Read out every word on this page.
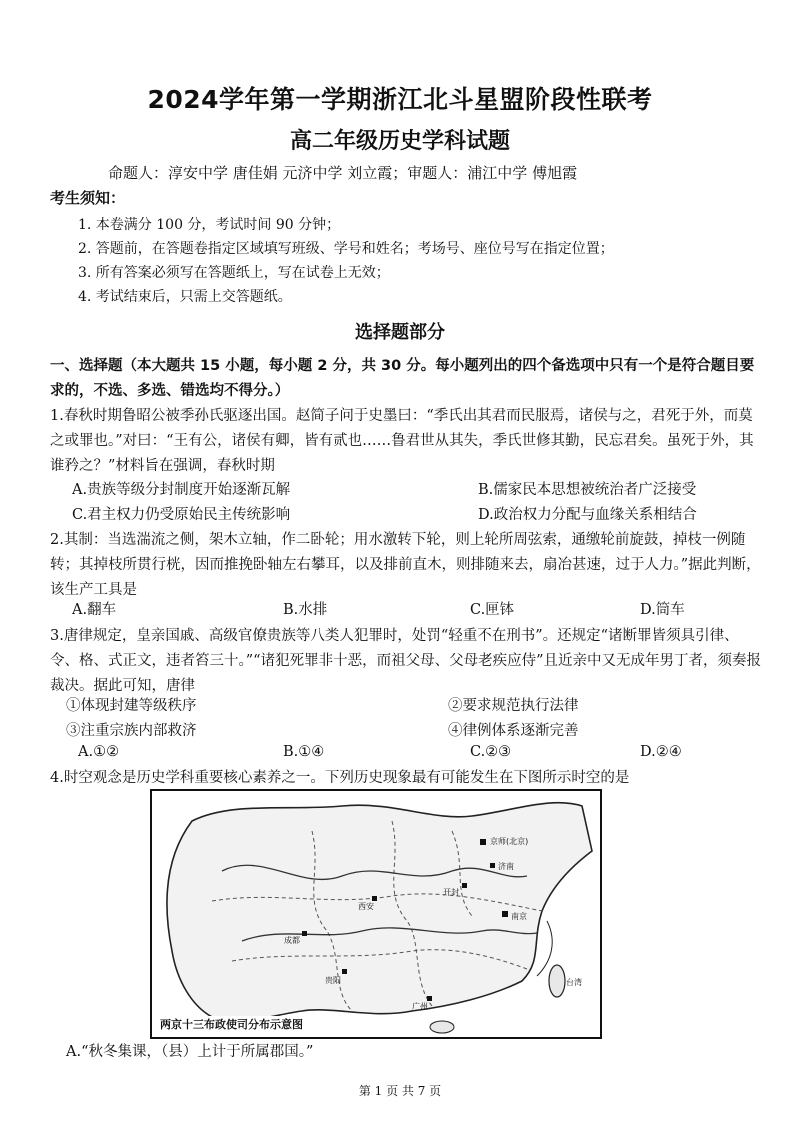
2024学年第一学期浙江北斗星盟阶段性联考
高二年级历史学科试题
命题人：淳安中学 唐佳娟 元济中学 刘立霞；审题人：浦江中学 傅旭霞
考生须知：
1. 本卷满分 100 分，考试时间 90 分钟；
2. 答题前，在答题卷指定区域填写班级、学号和姓名；考场号、座位号写在指定位置；
3. 所有答案必须写在答题纸上，写在试卷上无效；
4. 考试结束后，只需上交答题纸。
选择题部分
一、选择题（本大题共 15 小题，每小题 2 分，共 30 分。每小题列出的四个备选项中只有一个是符合题目要求的，不选、多选、错选均不得分。）
1.春秋时期鲁昭公被季孙氏驱逐出国。赵简子问于史墨曰：“季氏出其君而民服焉，诸侯与之，君死于外，而莫之或罪也。”对曰：“王有公，诸侯有卿，皆有贰也……鲁君世从其失，季氏世修其勤，民忘君矣。虽死于外，其谁矜之？”材料旨在强调，春秋时期
A.贵族等级分封制度开始逐渐瓦解	B.儒家民本思想被统治者广泛接受
C.君主权力仍受原始民主传统影响	D.政治权力分配与血缘关系相结合
2.其制：当选湍流之侧，架木立轴，作二卧轮；用水激转下轮，则上轮所周弦索，通缴轮前旋鼓，掉枝一例随转；其掉枝所贯行桄，因而推挽卧轴左右攀耳，以及排前直木，则排随来去，扇冶甚速，过于人力。”据此判断，该生产工具是
A.翻车	B.水排	C.匣钵	D.筒车
3.唐律规定，皇亲国戚、高级官僚贵族等八类人犯罪时，处罚“轻重不在刑书”。还规定“诸断罪皆须具引律、令、格、式正文，违者笞三十。”“诸犯死罪非十恶，而祖父母、父母老疾应侍”且近亲中又无成年男丁者，须奏报裁决。据此可知，唐律
①体现封建等级秩序	②要求规范执行法律
③注重宗族内部救济	④律例体系逐渐完善
A.①②	B.①④	C.②③	D.②④
4.时空观念是历史学科重要核心素养之一。下列历史现象最有可能发生在下图所示时空的是
京师(北京)
开封
南京
济南
成都
贵阳
西安
广州
台湾
两京十三布政使司分布示意图
A.“秋冬集课，（县）上计于所属郡国。”
第 1 页 共 7 页
